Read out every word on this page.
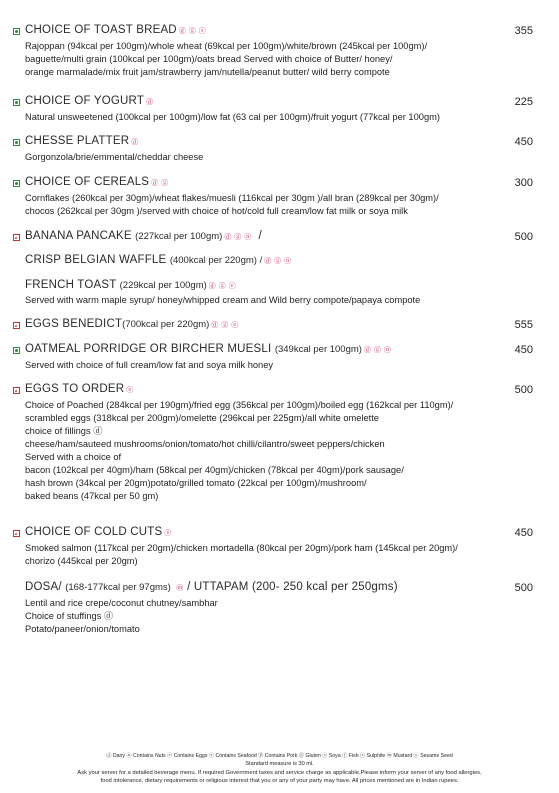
CHOICE OF TOAST BREAD ⓓ ⓖ ⓢ	355
Rajoppan (94kcal per 100gm)/whole wheat (69kcal per 100gm)/white/brown (245kcal per 100gm)/
baguette/multi grain (100kcal per 100gm)/oats bread Served with choice of Butter/ honey/
orange marmalade/mix fruit jam/strawberry jam/nutella/peanut butter/ wild berry compote
CHOICE OF YOGURT ⓓ	225
Natural unsweetened (100kcal per 100gm)/low fat (63 cal per 100gm)/fruit yogurt (77kcal per 100gm)
CHESSE PLATTER ⓓ	450
Gorgonzola/brie/emmental/cheddar cheese
CHOICE OF CEREALS ⓓ ⓖ	300
Cornflakes (260kcal per 30gm)/wheat flakes/muesli (116kcal per 30gm )/all bran (289kcal per 30gm)/
chocos (262kcal per 30gm )/served with choice of hot/cold full cream/low fat milk or soya milk
BANANA PANCAKE (227kcal per 100gm) ⓓ ⓖ ⓝ /	500
CRISP BELGIAN WAFFLE (400kcal per 220gm) / ⓓ ⓖ ⓝ
FRENCH TOAST (229kcal per 100gm) ⓓ ⓖ ⓔ
Served with warm maple syrup/ honey/whipped cream and Wild berry compote/papaya compote
EGGS BENEDICT(700kcal per 220gm) ⓓ ⓖ ⓔ	555
OATMEAL PORRIDGE OR BIRCHER MUESLI (349kcal per 100gm) ⓓ ⓖ ⓝ	450
Served with choice of full cream/low fat and soya milk honey
EGGS TO ORDER ⓔ	500
Choice of Poached (284kcal per 190gm)/fried egg (356kcal per 100gm)/boiled egg (162kcal per 110gm)/
scrambled eggs (318kcal per 200gm)/omelette (296kcal per 225gm)/all white omelette
choice of fillings ⓓ
cheese/ham/sauteed mushrooms/onion/tomato/hot chilli/cilantro/sweet peppers/chicken
Served with a choice of
bacon (102kcal per 40gm)/ham (58kcal per 40gm)/chicken (78kcal per 40gm)/pork sausage/
hash brown (34kcal per 20gm)potato/grilled tomato (22kcal per 100gm)/mushroom/
baked beans (47kcal per 50 gm)
CHOICE OF COLD CUTS ⓢ	450
Smoked salmon (117kcal per 20gm)/chicken mortadella (80kcal per 20gm)/pork ham (145kcal per 20gm)/
chorizo (445kcal per 20gm)
DOSA/ (168-177kcal per 97gms) ⓜ / UTTAPAM (200- 250 kcal per 250gms)	500
Lentil and rice crepe/coconut chutney/sambhar
Choice of stuffings ⓓ
Potato/paneer/onion/tomato
ⓓ Dairy ⓝ Contains Nuts ⓔ Contains Eggs ⓢ Contains Seafood ⓟ Contains Pork ⓖ Gluten ⓢ Soya ⓕ Fish ⓢ Sulphite ⓜ Mustard ⓢ Sesame Seed
Standard measure is 30 ml.
Ask your server for a detailed beverage menu. If required Government taxes and service charge as applicable.Please inform your server of any food allergies,
food intolerance, dietary requirements or religious interest that you or any of your party may have. All prices mentioned are in Indian rupees.
